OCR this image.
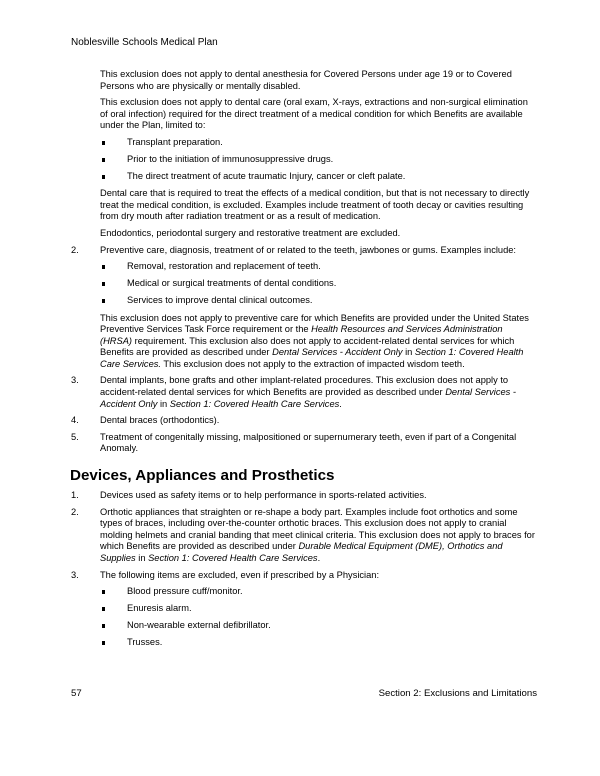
Noblesville Schools Medical Plan

This exclusion does not apply to dental anesthesia for Covered Persons under age 19 or to Covered Persons who are physically or mentally disabled.

This exclusion does not apply to dental care (oral exam, X-rays, extractions and non-surgical elimination of oral infection) required for the direct treatment of a medical condition for which Benefits are available under the Plan, limited to:

Transplant preparation.
Prior to the initiation of immunosuppressive drugs.
The direct treatment of acute traumatic Injury, cancer or cleft palate.

Dental care that is required to treat the effects of a medical condition, but that is not necessary to directly treat the medical condition, is excluded. Examples include treatment of tooth decay or cavities resulting from dry mouth after radiation treatment or as a result of medication.

Endodontics, periodontal surgery and restorative treatment are excluded.

2. Preventive care, diagnosis, treatment of or related to the teeth, jawbones or gums. Examples include:
Removal, restoration and replacement of teeth.
Medical or surgical treatments of dental conditions.
Services to improve dental clinical outcomes.

This exclusion does not apply to preventive care for which Benefits are provided under the United States Preventive Services Task Force requirement or the Health Resources and Services Administration (HRSA) requirement. This exclusion also does not apply to accident-related dental services for which Benefits are provided as described under Dental Services - Accident Only in Section 1: Covered Health Care Services. This exclusion does not apply to the extraction of impacted wisdom teeth.

3. Dental implants, bone grafts and other implant-related procedures. This exclusion does not apply to accident-related dental services for which Benefits are provided as described under Dental Services - Accident Only in Section 1: Covered Health Care Services.
4. Dental braces (orthodontics).
5. Treatment of congenitally missing, malpositioned or supernumerary teeth, even if part of a Congenital Anomaly.
Devices, Appliances and Prosthetics
1. Devices used as safety items or to help performance in sports-related activities.
2. Orthotic appliances that straighten or re-shape a body part. Examples include foot orthotics and some types of braces, including over-the-counter orthotic braces. This exclusion does not apply to cranial molding helmets and cranial banding that meet clinical criteria. This exclusion does not apply to braces for which Benefits are provided as described under Durable Medical Equipment (DME), Orthotics and Supplies in Section 1: Covered Health Care Services.
3. The following items are excluded, even if prescribed by a Physician:
Blood pressure cuff/monitor.
Enuresis alarm.
Non-wearable external defibrillator.
Trusses.
57	Section 2: Exclusions and Limitations
